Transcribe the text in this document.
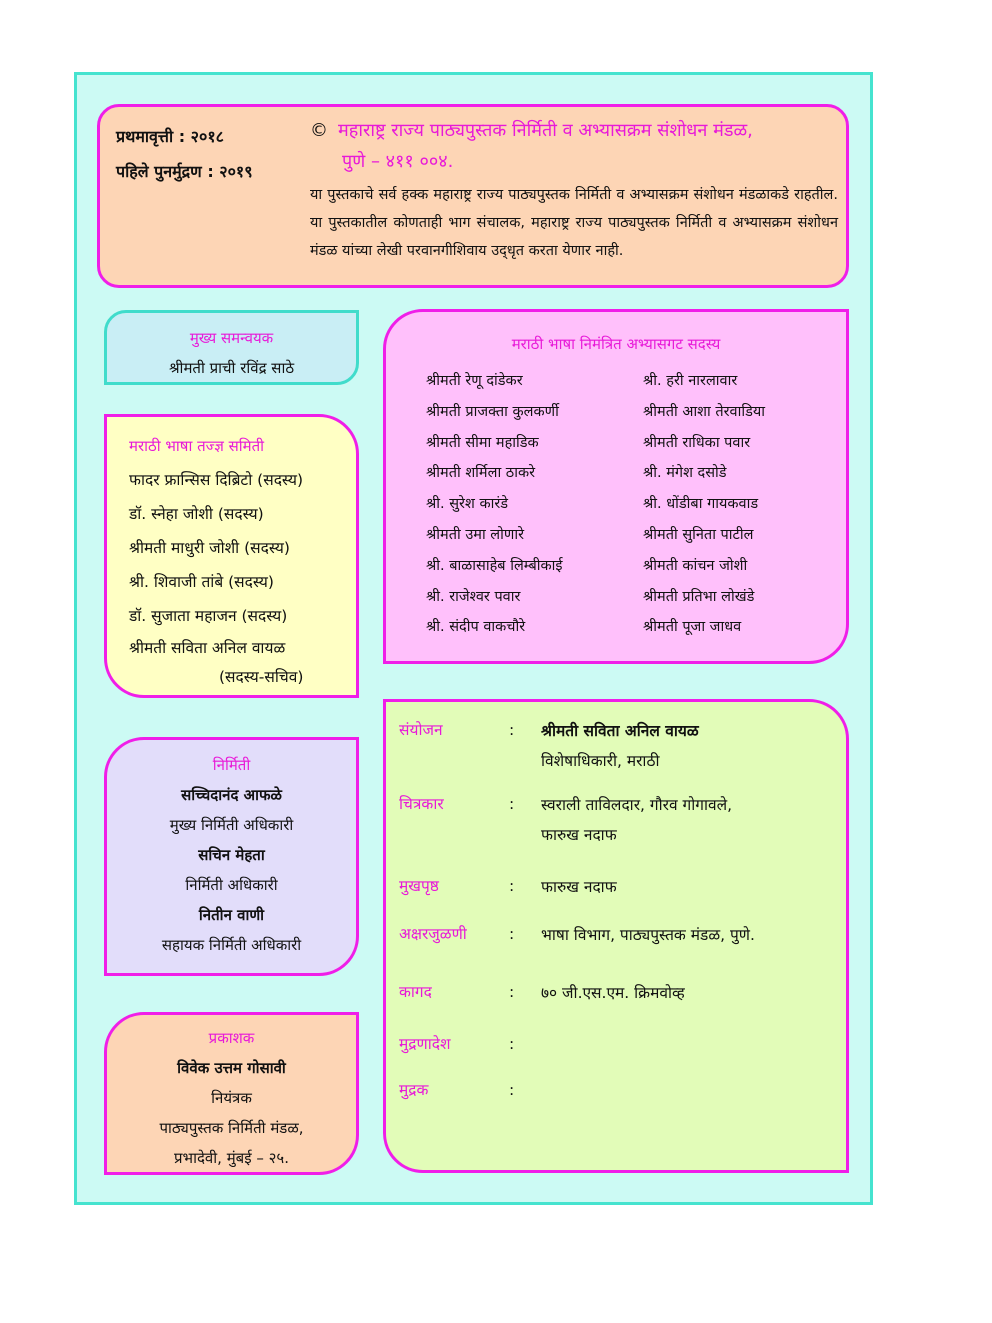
प्रथमावृत्ती : २०१८
पहिले पुनर्मुद्रण : २०१९
© महाराष्ट्र राज्य पाठ्यपुस्तक निर्मिती व अभ्यासक्रम संशोधन मंडळ,
पुणे – ४११ ००४.
या पुस्तकाचे सर्व हक्क महाराष्ट्र राज्य पाठ्यपुस्तक निर्मिती व अभ्यासक्रम संशोधन मंडळाकडे राहतील. या पुस्तकातील कोणताही भाग संचालक, महाराष्ट्र राज्य पाठ्यपुस्तक निर्मिती व अभ्यासक्रम संशोधन मंडळ यांच्या लेखी परवानगीशिवाय उद्‌धृत करता येणार नाही.
मुख्य समन्वयक
श्रीमती प्राची रविंद्र साठे
मराठी भाषा तज्ज्ञ समिती
फादर फ्रान्सिस दिब्रिटो (सदस्य)
डॉ. स्नेहा जोशी (सदस्य)
श्रीमती माधुरी जोशी (सदस्य)
श्री. शिवाजी तांबे (सदस्य)
डॉ. सुजाता महाजन (सदस्य)
श्रीमती सविता अनिल वायळ
(सदस्य-सचिव)
निर्मिती
सच्चिदानंद आफळे
मुख्य निर्मिती अधिकारी
सचिन मेहता
निर्मिती अधिकारी
नितीन वाणी
सहायक निर्मिती अधिकारी
प्रकाशक
विवेक उत्तम गोसावी
नियंत्रक
पाठ्यपुस्तक निर्मिती मंडळ,
प्रभादेवी, मुंबई – २५.
मराठी भाषा निमंत्रित अभ्यासगट सदस्य
श्रीमती रेणू दांडेकर	श्री. हरी नारलावार
श्रीमती प्राजक्ता कुलकर्णी	श्रीमती आशा तेरवाडिया
श्रीमती सीमा महाडिक	श्रीमती राधिका पवार
श्रीमती शर्मिला ठाकरे	श्री. मंगेश दसोडे
श्री. सुरेश कारंडे	श्री. धोंडीबा गायकवाड
श्रीमती उमा लोणारे	श्रीमती सुनिता पाटील
श्री. बाळासाहेब लिम्बीकाई	श्रीमती कांचन जोशी
श्री. राजेश्वर पवार	श्रीमती प्रतिभा लोखंडे
श्री. संदीप वाकचौरे	श्रीमती पूजा जाधव
संयोजन	:	श्रीमती सविता अनिल वायळ
विशेषाधिकारी, मराठी
चित्रकार	:	स्वराली ताविलदार, गौरव गोगावले,
फारुख नदाफ
मुखपृष्ठ	:	फारुख नदाफ
अक्षरजुळणी	:	भाषा विभाग, पाठ्यपुस्तक मंडळ, पुणे.
कागद	:	७० जी.एस.एम. क्रिमवोव्ह
मुद्रणादेश	:
मुद्रक	:
